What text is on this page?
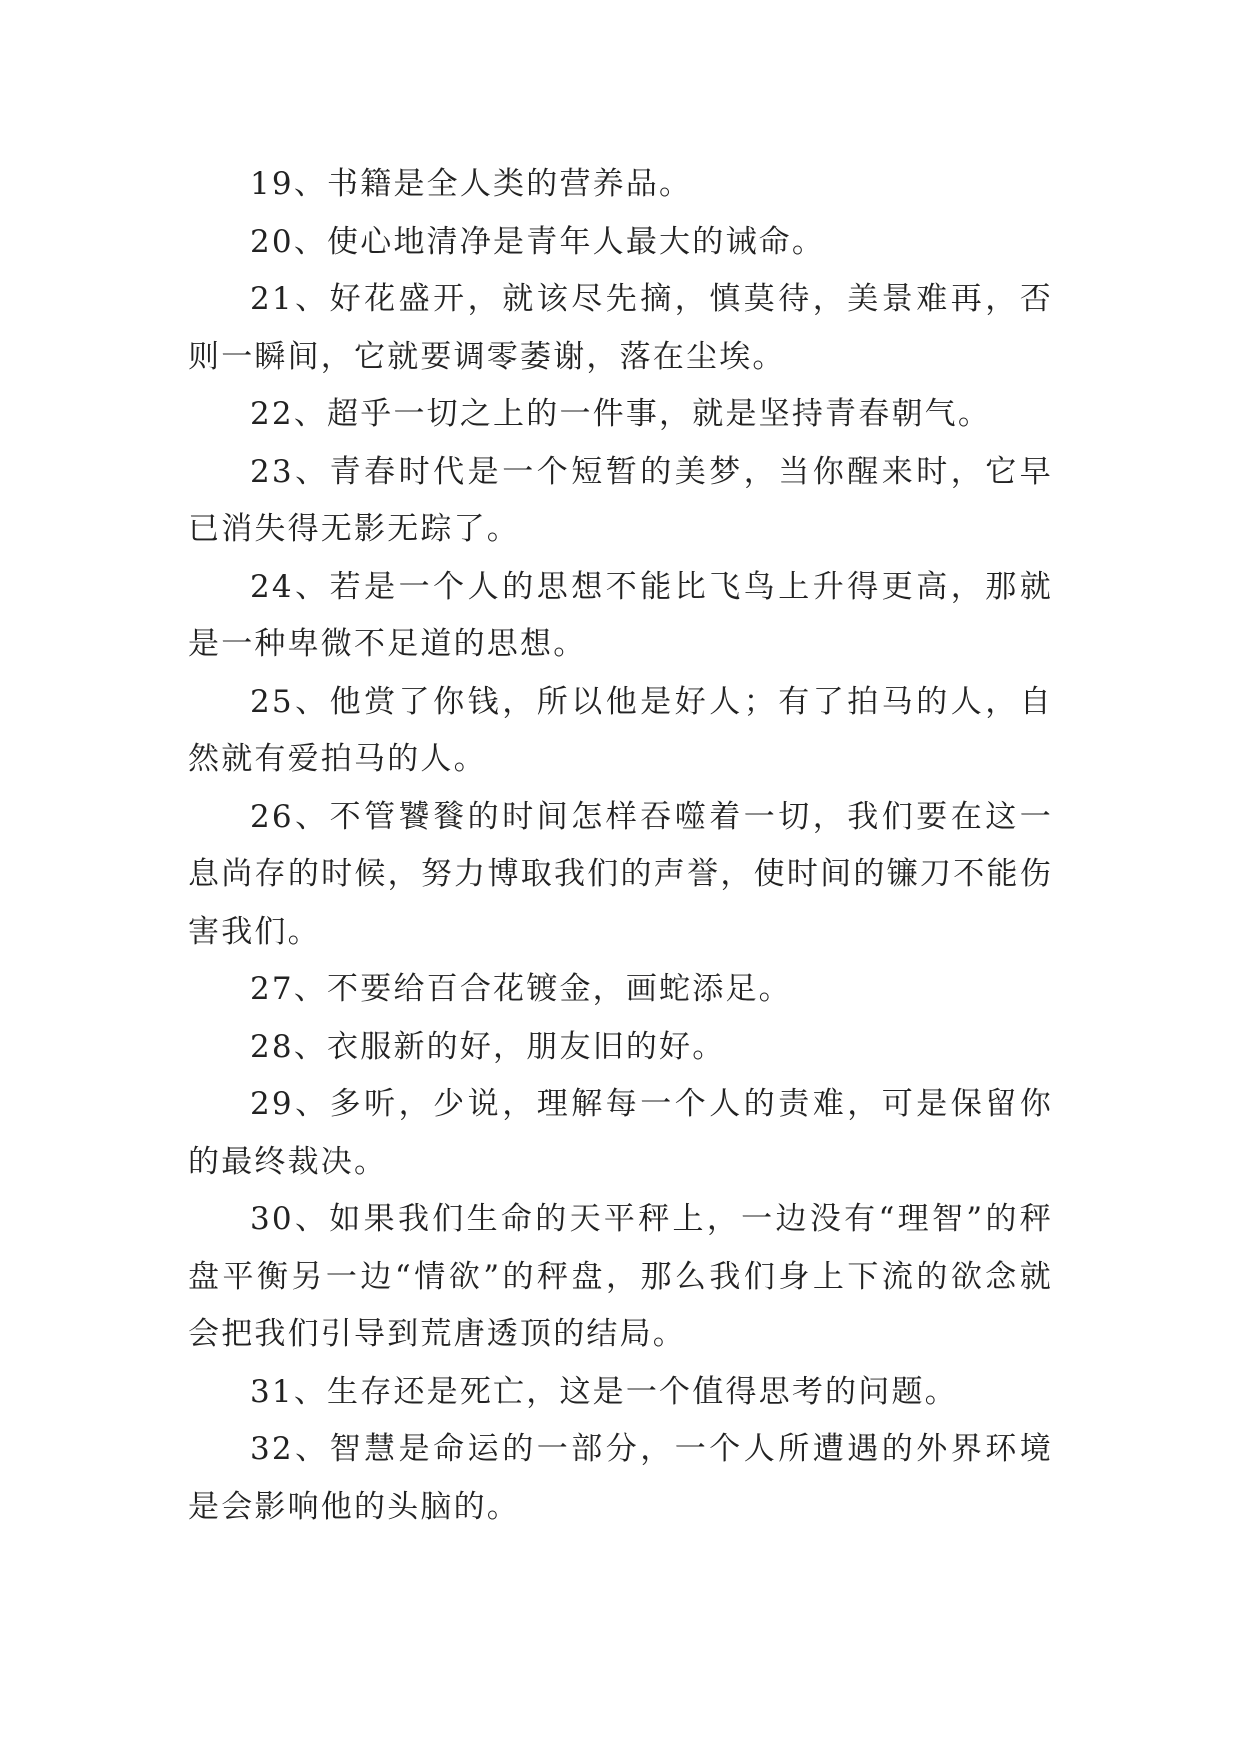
19、书籍是全人类的营养品。

20、使心地清净是青年人最大的诫命。

21、好花盛开，就该尽先摘，慎莫待，美景难再，否则一瞬间，它就要调零萎谢，落在尘埃。

22、超乎一切之上的一件事，就是坚持青春朝气。

23、青春时代是一个短暂的美梦，当你醒来时，它早已消失得无影无踪了。

24、若是一个人的思想不能比飞鸟上升得更高，那就是一种卑微不足道的思想。

25、他赏了你钱，所以他是好人；有了拍马的人，自然就有爱拍马的人。

26、不管饕餮的时间怎样吞噬着一切，我们要在这一息尚存的时候，努力博取我们的声誉，使时间的镰刀不能伤害我们。

27、不要给百合花镀金，画蛇添足。

28、衣服新的好，朋友旧的好。

29、多听，少说，理解每一个人的责难，可是保留你的最终裁决。

30、如果我们生命的天平秤上，一边没有“理智”的秤盘平衡另一边“情欲”的秤盘，那么我们身上下流的欲念就会把我们引导到荒唐透顶的结局。

31、生存还是死亡，这是一个值得思考的问题。

32、智慧是命运的一部分，一个人所遭遇的外界环境是会影响他的头脑的。
